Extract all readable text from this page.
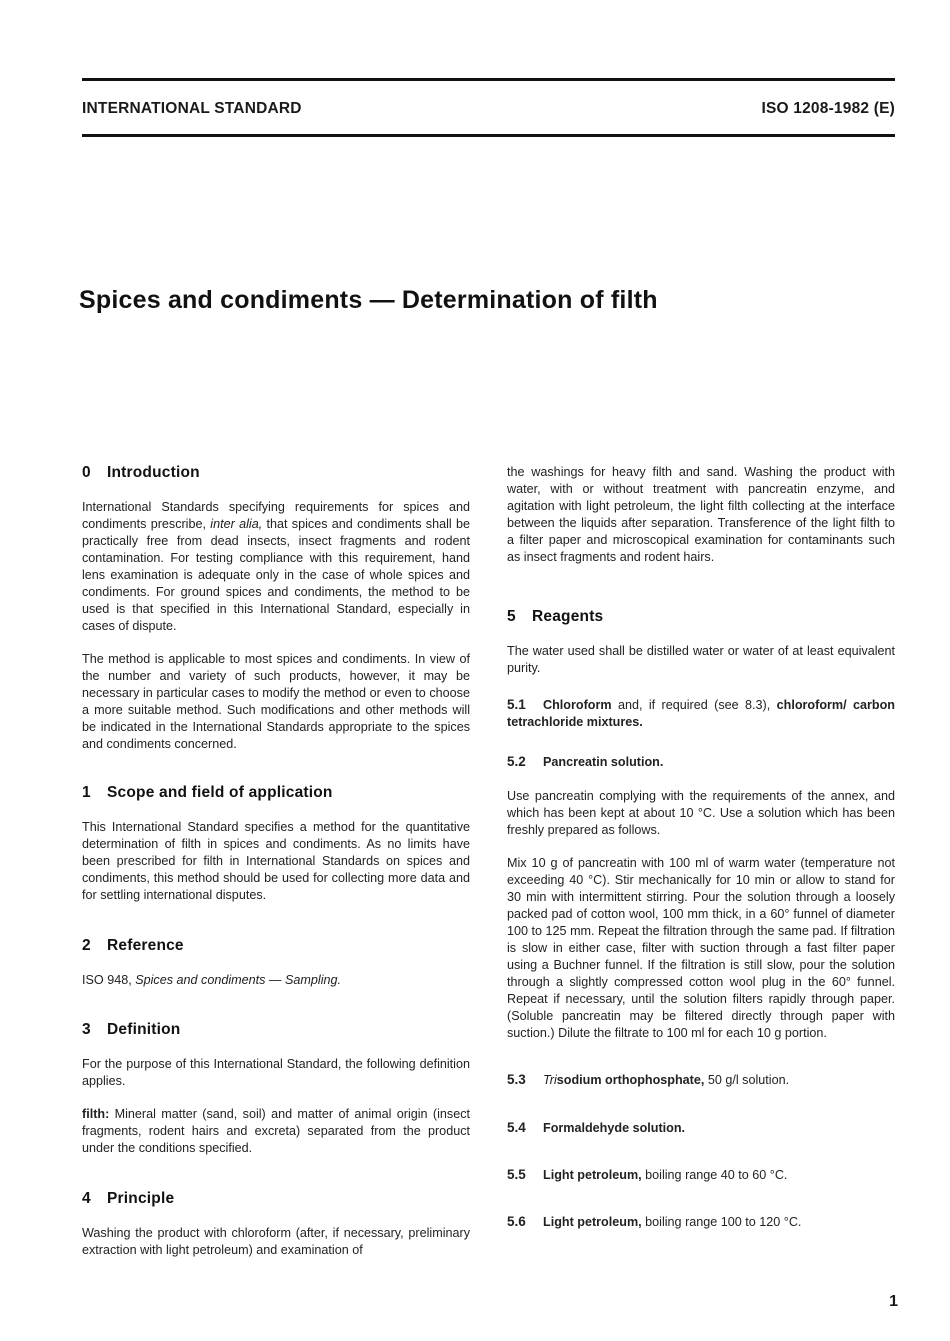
INTERNATIONAL STANDARD	ISO 1208-1982 (E)
Spices and condiments — Determination of filth
0 Introduction

International Standards specifying requirements for spices and condiments prescribe, inter alia, that spices and condiments shall be practically free from dead insects, insect fragments and rodent contamination. For testing compliance with this requirement, hand lens examination is adequate only in the case of whole spices and condiments. For ground spices and condiments, the method to be used is that specified in this International Standard, especially in cases of dispute.

The method is applicable to most spices and condiments. In view of the number and variety of such products, however, it may be necessary in particular cases to modify the method or even to choose a more suitable method. Such modifications and other methods will be indicated in the International Standards appropriate to the spices and condiments concerned.

1 Scope and field of application

This International Standard specifies a method for the quantitative determination of filth in spices and condiments. As no limits have been prescribed for filth in International Standards on spices and condiments, this method should be used for collecting more data and for settling international disputes.

2 Reference

ISO 948, Spices and condiments — Sampling.

3 Definition

For the purpose of this International Standard, the following definition applies.

filth: Mineral matter (sand, soil) and matter of animal origin (insect fragments, rodent hairs and excreta) separated from the product under the conditions specified.

4 Principle

Washing the product with chloroform (after, if necessary, preliminary extraction with light petroleum) and examination of

the washings for heavy filth and sand. Washing the product with water, with or without treatment with pancreatin enzyme, and agitation with light petroleum, the light filth collecting at the interface between the liquids after separation. Transference of the light filth to a filter paper and microscopical examination for contaminants such as insect fragments and rodent hairs.

5 Reagents

The water used shall be distilled water or water of at least equivalent purity.

5.1 Chloroform and, if required (see 8.3), chloroform/ carbon tetrachloride mixtures.

5.2 Pancreatin solution.

Use pancreatin complying with the requirements of the annex, and which has been kept at about 10 °C. Use a solution which has been freshly prepared as follows.

Mix 10 g of pancreatin with 100 ml of warm water (temperature not exceeding 40 °C). Stir mechanically for 10 min or allow to stand for 30 min with intermittent stirring. Pour the solution through a loosely packed pad of cotton wool, 100 mm thick, in a 60° funnel of diameter 100 to 125 mm. Repeat the filtration through the same pad. If filtration is slow in either case, filter with suction through a fast filter paper using a Buchner funnel. If the filtration is still slow, pour the solution through a slightly compressed cotton wool plug in the 60° funnel. Repeat if necessary, until the solution filters rapidly through paper. (Soluble pancreatin may be filtered directly through paper with suction.) Dilute the filtrate to 100 ml for each 10 g portion.

5.3 Trisodium orthophosphate, 50 g/l solution.

5.4 Formaldehyde solution.

5.5 Light petroleum, boiling range 40 to 60 °C.

5.6 Light petroleum, boiling range 100 to 120 °C.

1
